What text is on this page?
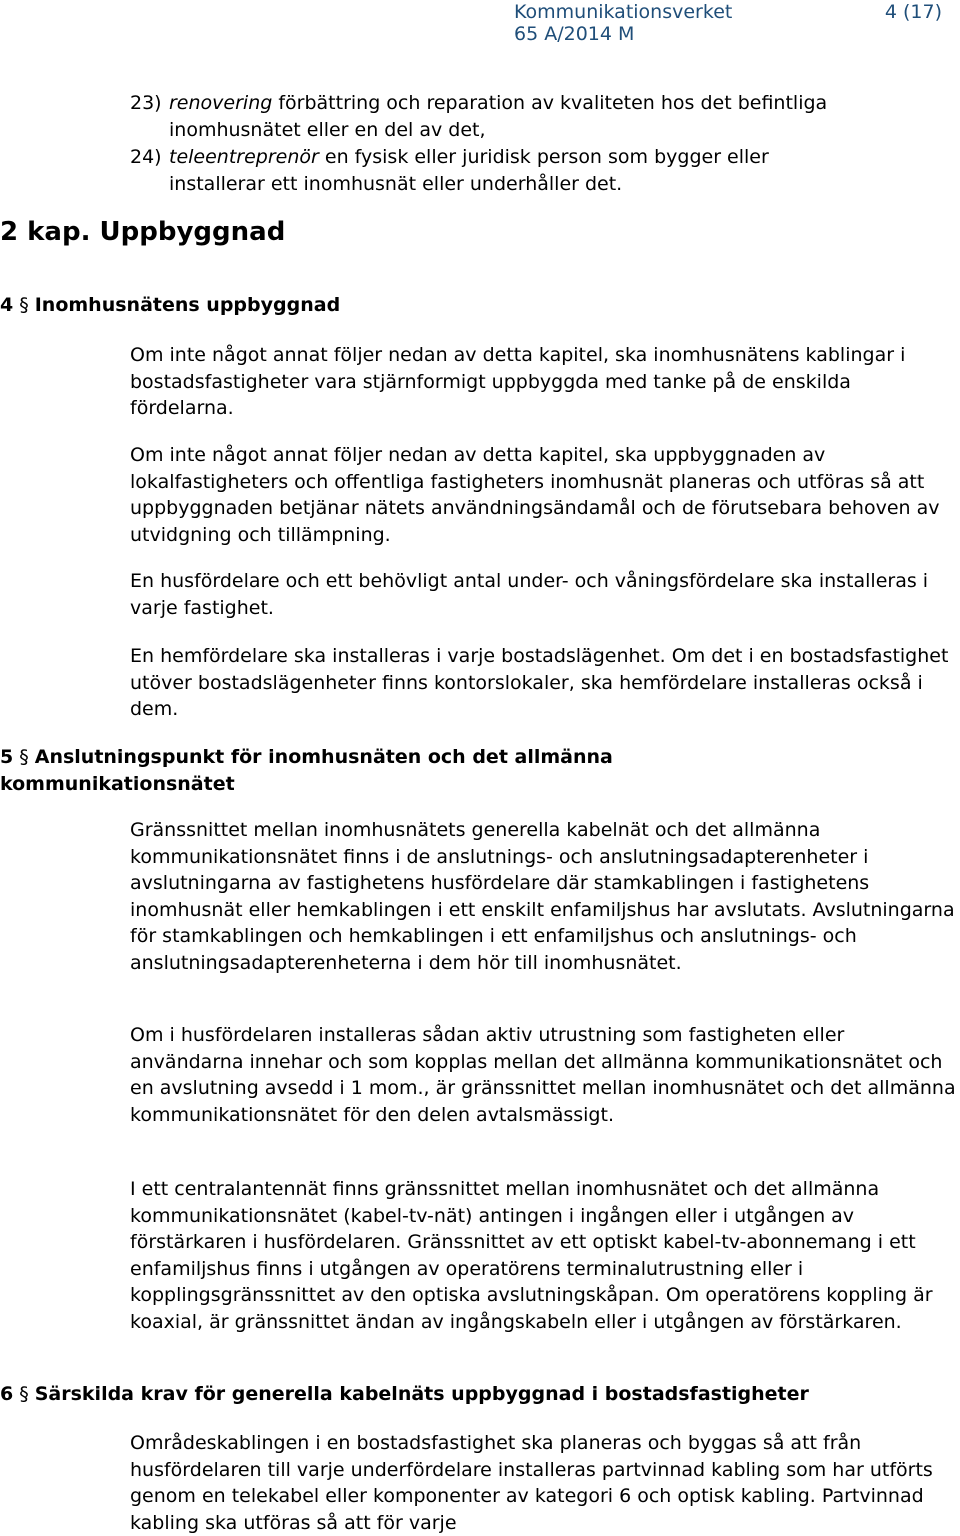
Kommunikationsverket	4 (17)
65 A/2014 M
23) renovering förbättring och reparation av kvaliteten hos det befintliga inomhusnätet eller en del av det,
24) teleentreprenör en fysisk eller juridisk person som bygger eller installerar ett inomhusnät eller underhåller det.
2 kap. Uppbyggnad
4 § Inomhusnätens uppbyggnad

Om inte något annat följer nedan av detta kapitel, ska inomhusnätens kablingar i bostadsfastigheter vara stjärnformigt uppbyggda med tanke på de enskilda fördelarna.

Om inte något annat följer nedan av detta kapitel, ska uppbyggnaden av lokalfastigheters och offentliga fastigheters inomhusnät planeras och utföras så att uppbyggnaden betjänar nätets användningsändamål och de förutsebara behoven av utvidgning och tillämpning.

En husfördelare och ett behövligt antal under- och våningsfördelare ska installeras i varje fastighet.

En hemfördelare ska installeras i varje bostadslägenhet. Om det i en bostadsfastighet utöver bostadslägenheter finns kontorslokaler, ska hemfördelare installeras också i dem.

5 § Anslutningspunkt för inomhusnäten och det allmänna kommunikationsnätet

Gränssnittet mellan inomhusnätets generella kabelnät och det allmänna kommunikationsnätet finns i de anslutnings- och anslutningsadapterenheter i avslutningarna av fastighetens husfördelare där stamkablingen i fastighetens inomhusnät eller hemkablingen i ett enskilt enfamiljshus har avslutats. Avslutningarna för stamkablingen och hemkablingen i ett enfamiljshus och anslutnings- och anslutningsadapterenheterna i dem hör till inomhusnätet.

Om i husfördelaren installeras sådan aktiv utrustning som fastigheten eller användarna innehar och som kopplas mellan det allmänna kommunikationsnätet och en avslutning avsedd i 1 mom., är gränssnittet mellan inomhusnätet och det allmänna kommunikationsnätet för den delen avtalsmässigt.

I ett centralantennät finns gränssnittet mellan inomhusnätet och det allmänna kommunikationsnätet (kabel-tv-nät) antingen i ingången eller i utgången av förstärkaren i husfördelaren. Gränssnittet av ett optiskt kabel-tv-abonnemang i ett enfamiljshus finns i utgången av operatörens terminalutrustning eller i kopplingsgränssnittet av den optiska avslutningskåpan. Om operatörens koppling är koaxial, är gränssnittet ändan av ingångskabeln eller i utgången av förstärkaren.

6 § Särskilda krav för generella kabelnäts uppbyggnad i bostadsfastigheter

Områdeskablingen i en bostadsfastighet ska planeras och byggas så att från husfördelaren till varje underfördelare installeras partvinnad kabling som har utförts genom en telekabel eller komponenter av kategori 6 och optisk kabling. Partvinnad kabling ska utföras så att för varje
